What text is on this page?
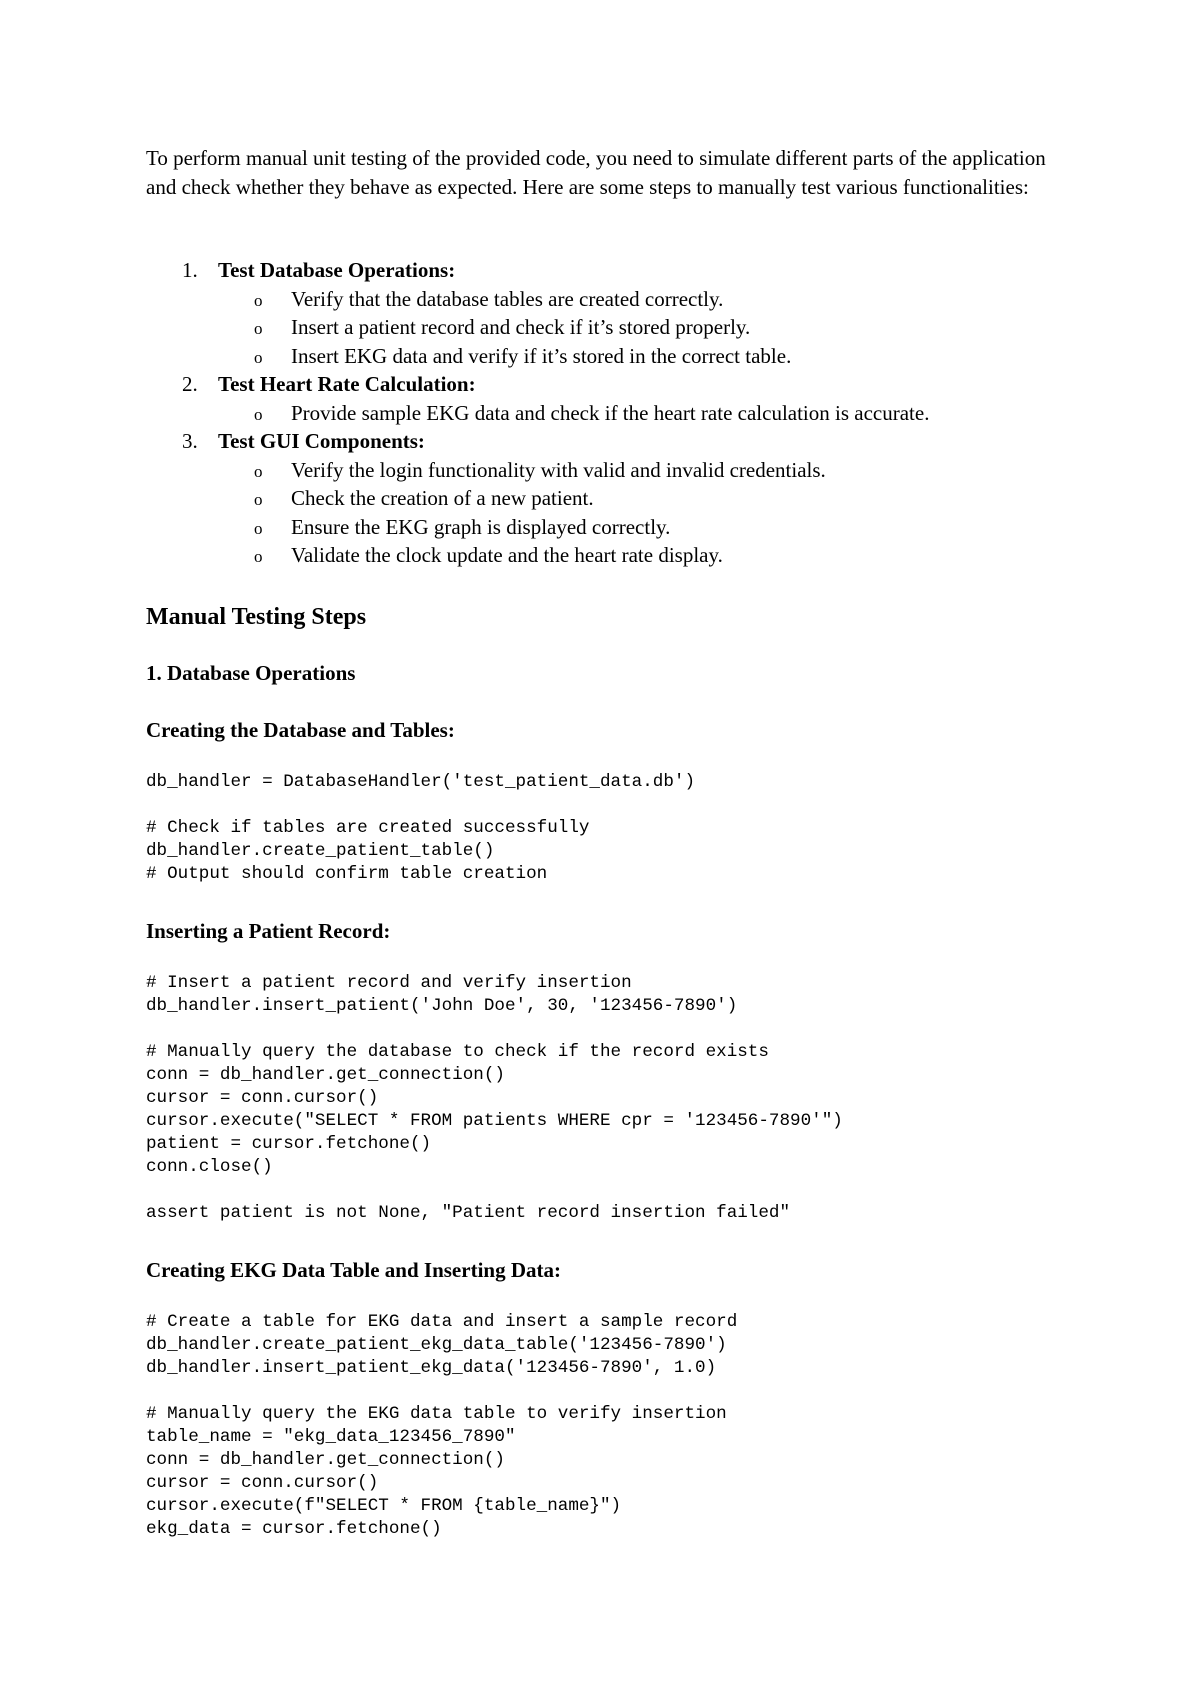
To perform manual unit testing of the provided code, you need to simulate different parts of the application and check whether they behave as expected. Here are some steps to manually test various functionalities:

1. Test Database Operations:
o Verify that the database tables are created correctly.
o Insert a patient record and check if it’s stored properly.
o Insert EKG data and verify if it’s stored in the correct table.
2. Test Heart Rate Calculation:
o Provide sample EKG data and check if the heart rate calculation is accurate.
3. Test GUI Components:
o Verify the login functionality with valid and invalid credentials.
o Check the creation of a new patient.
o Ensure the EKG graph is displayed correctly.
o Validate the clock update and the heart rate display.
Manual Testing Steps
1. Database Operations
Creating the Database and Tables:
db_handler = DatabaseHandler('test_patient_data.db')

# Check if tables are created successfully
db_handler.create_patient_table()
# Output should confirm table creation
Inserting a Patient Record:
# Insert a patient record and verify insertion
db_handler.insert_patient('John Doe', 30, '123456-7890')

# Manually query the database to check if the record exists
conn = db_handler.get_connection()
cursor = conn.cursor()
cursor.execute("SELECT * FROM patients WHERE cpr = '123456-7890'")
patient = cursor.fetchone()
conn.close()

assert patient is not None, "Patient record insertion failed"
Creating EKG Data Table and Inserting Data:
# Create a table for EKG data and insert a sample record
db_handler.create_patient_ekg_data_table('123456-7890')
db_handler.insert_patient_ekg_data('123456-7890', 1.0)

# Manually query the EKG data table to verify insertion
table_name = "ekg_data_123456_7890"
conn = db_handler.get_connection()
cursor = conn.cursor()
cursor.execute(f"SELECT * FROM {table_name}")
ekg_data = cursor.fetchone()
